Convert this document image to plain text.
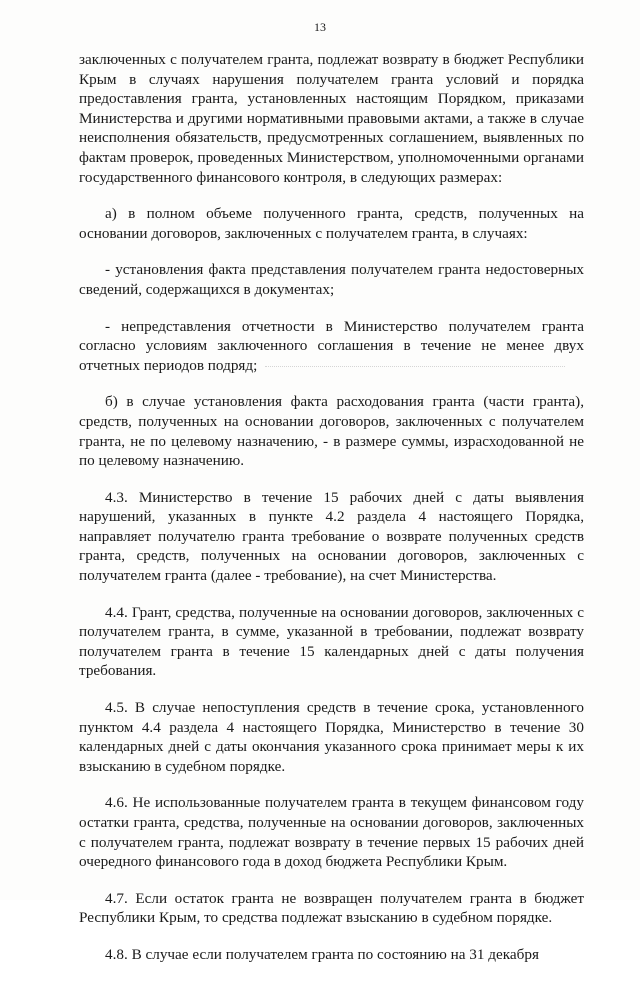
13

заключенных с получателем гранта, подлежат возврату в бюджет Республики Крым в случаях нарушения получателем гранта условий и порядка предоставления гранта, установленных настоящим Порядком, приказами Министерства и другими нормативными правовыми актами, а также в случае неисполнения обязательств, предусмотренных соглашением, выявленных по фактам проверок, проведенных Министерством, уполномоченными органами государственного финансового контроля, в следующих размерах:

а) в полном объеме полученного гранта, средств, полученных на основании договоров, заключенных с получателем гранта, в случаях:

- установления факта представления получателем гранта недостоверных сведений, содержащихся в документах;

- непредставления отчетности в Министерство получателем гранта согласно условиям заключенного соглашения в течение не менее двух отчетных периодов подряд;

б) в случае установления факта расходования гранта (части гранта), средств, полученных на основании договоров, заключенных с получателем гранта, не по целевому назначению, - в размере суммы, израсходованной не по целевому назначению.

4.3. Министерство в течение 15 рабочих дней с даты выявления нарушений, указанных в пункте 4.2 раздела 4 настоящего Порядка, направляет получателю гранта требование о возврате полученных средств гранта, средств, полученных на основании договоров, заключенных с получателем гранта (далее - требование), на счет Министерства.

4.4. Грант, средства, полученные на основании договоров, заключенных с получателем гранта, в сумме, указанной в требовании, подлежат возврату получателем гранта в течение 15 календарных дней с даты получения требования.

4.5. В случае непоступления средств в течение срока, установленного пунктом 4.4 раздела 4 настоящего Порядка, Министерство в течение 30 календарных дней с даты окончания указанного срока принимает меры к их взысканию в судебном порядке.

4.6. Не использованные получателем гранта в текущем финансовом году остатки гранта, средства, полученные на основании договоров, заключенных с получателем гранта, подлежат возврату в течение первых 15 рабочих дней очередного финансового года в доход бюджета Республики Крым.

4.7. Если остаток гранта не возвращен получателем гранта в бюджет Республики Крым, то средства подлежат взысканию в судебном порядке.

4.8. В случае если получателем гранта по состоянию на 31 декабря
